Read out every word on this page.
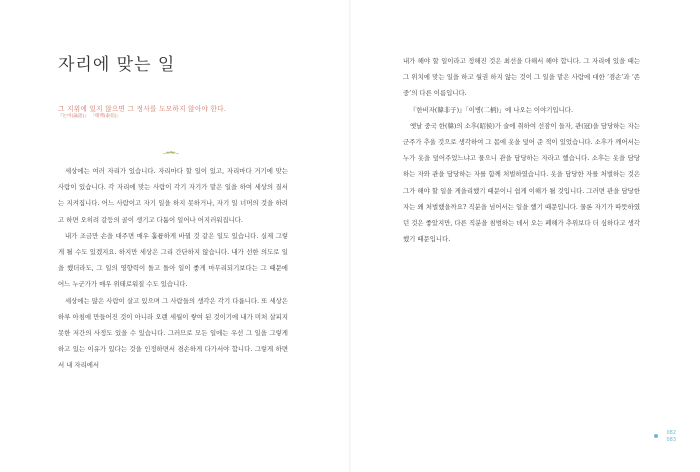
자리에 맞는 일
그 지위에 있지 않으면 그 정사를 도모하지 않아야 한다.
『논어(論語)』 「태백(泰伯)」

세상에는 여러 자리가 있습니다. 자리마다 할 일이 있고, 자리마다 거기에 맞는 사람이 있습니다. 각 자리에 맞는 사람이 각기 자기가 맡은 일을 하여 세상의 질서는 지켜집니다. 어느 사람이고 자기 일을 하지 못하거나, 자기 일 너머의 것을 하려고 하면 오히려 갈등의 골이 생기고 다툼이 일어나 어지러워집니다.

내가 조금만 손을 대주면 매우 훌륭하게 바뀔 것 같은 일도 있습니다. 실제 그렇게 될 수도 있겠지요. 하지만 세상은 그리 간단하지 않습니다. 내가 선한 의도로 일을 했더라도, 그 일의 영향력이 돌고 돌아 일이 좋게 마무리되기보다는 그 때문에 어느 누군가가 매우 위태로워질 수도 있습니다.

세상에는 많은 사람이 살고 있으며 그 사람들의 생각은 각기 다릅니다. 또 세상은 하루 아침에 만들어진 것이 아니라 오랜 세월이 쌓여 된 것이기에 내가 미처 살피지 못한 저간의 사정도 있을 수 있습니다. 그러므로 모든 일에는 우선 그 일을 그렇게 하고 있는 이유가 있다는 것을 인정하면서 겸손하게 다가서야 합니다. 그렇게 하면서 내 자리에서

내가 해야 할 일이라고 정해진 것은 최선을 다해서 해야 합니다. 그 자리에 있을 때는 그 위치에 맞는 일을 하고 월권 하지 않는 것이 그 일을 맡은 사람에 대한 ‘겸손’과 ‘존중’의 다른 이름입니다.

『한비자(韓非子)』「이병(二柄)」에 나오는 이야기입니다.

옛날 중국 한(韓)의 소후(昭侯)가 술에 취하여 선잠이 들자, 관(冠)을 담당하는 자는 군주가 추울 것으로 생각하여 그 몸에 옷을 덮어 준 적이 있었습니다. 소후가 깨어서는 누가 옷을 덮어주었느냐고 물으니 관을 담당하는 자라고 했습니다. 소후는 옷을 담당하는 자와 관을 담당하는 자를 함께 처벌하였습니다. 옷을 담당한 자를 처벌하는 것은 그가 해야 할 일을 게을리했기 때문이니 쉽게 이해가 될 것입니다. 그러면 관을 담당한 자는 왜 처벌했을까요? 직분을 넘어서는 일을 했기 때문입니다. 물론 자기가 따뜻하였던 것은 좋았지만, 다른 직분을 침범하는 데서 오는 폐해가 추위보다 더 심하다고 생각했기 때문입니다.

082
083
